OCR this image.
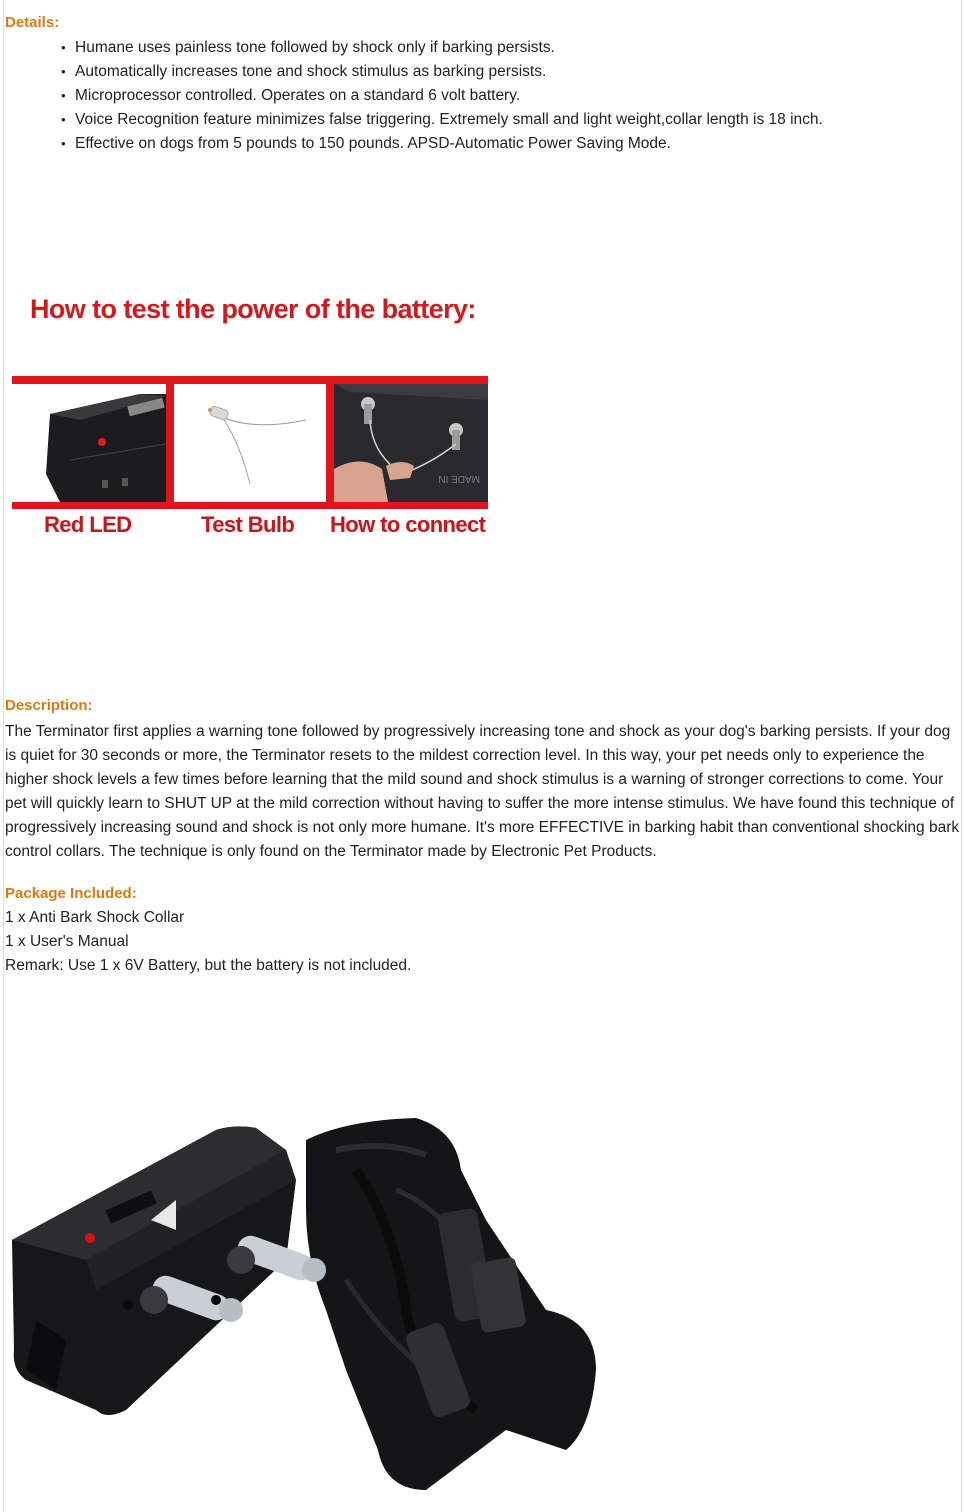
Details:
• Humane uses painless tone followed by shock only if barking persists.
• Automatically increases tone and shock stimulus as barking persists.
• Microprocessor controlled. Operates on a standard 6 volt battery.
• Voice Recognition feature minimizes false triggering. Extremely small and light weight,collar length is 18 inch.
• Effective on dogs from 5 pounds to 150 pounds. APSD-Automatic Power Saving Mode.
How to test the power of the battery:
MADE IN
Red LED	Test Bulb How to connect
Description:
The Terminator first applies a warning tone followed by progressively increasing tone and shock as your dog's barking persists. If your dog is quiet for 30 seconds or more, the Terminator resets to the mildest correction level. In this way, your pet needs only to experience the higher shock levels a few times before learning that the mild sound and shock stimulus is a warning of stronger corrections to come. Your pet will quickly learn to SHUT UP at the mild correction without having to suffer the more intense stimulus. We have found this technique of progressively increasing sound and shock is not only more humane. It's more EFFECTIVE in barking habit than conventional shocking bark control collars. The technique is only found on the Terminator made by Electronic Pet Products.
Package Included:
1 x Anti Bark Shock Collar
1 x User's Manual
Remark: Use 1 x 6V Battery, but the battery is not included.
